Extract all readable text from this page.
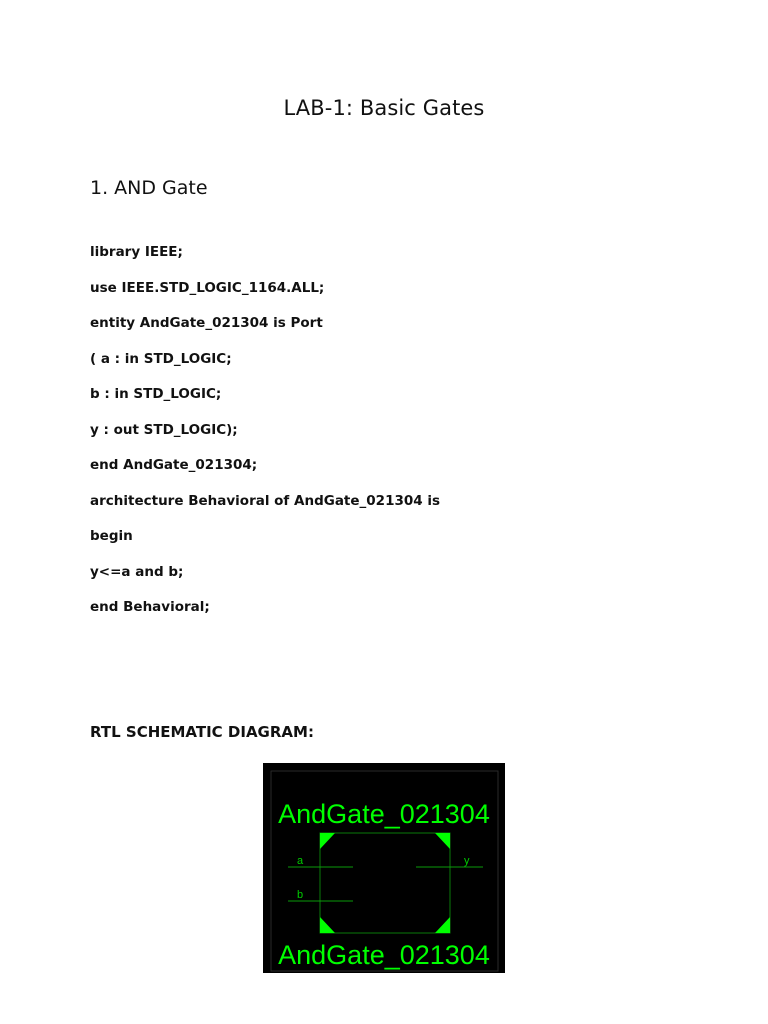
LAB-1: Basic Gates
1. AND Gate
library IEEE;
use IEEE.STD_LOGIC_1164.ALL;
entity AndGate_021304 is Port
( a : in STD_LOGIC;
b : in STD_LOGIC;
y : out STD_LOGIC);
end AndGate_021304;
architecture Behavioral of AndGate_021304 is
begin
y<=a and b;
end Behavioral;
RTL SCHEMATIC DIAGRAM:
AndGate_021304
a
b
y
AndGate_021304
